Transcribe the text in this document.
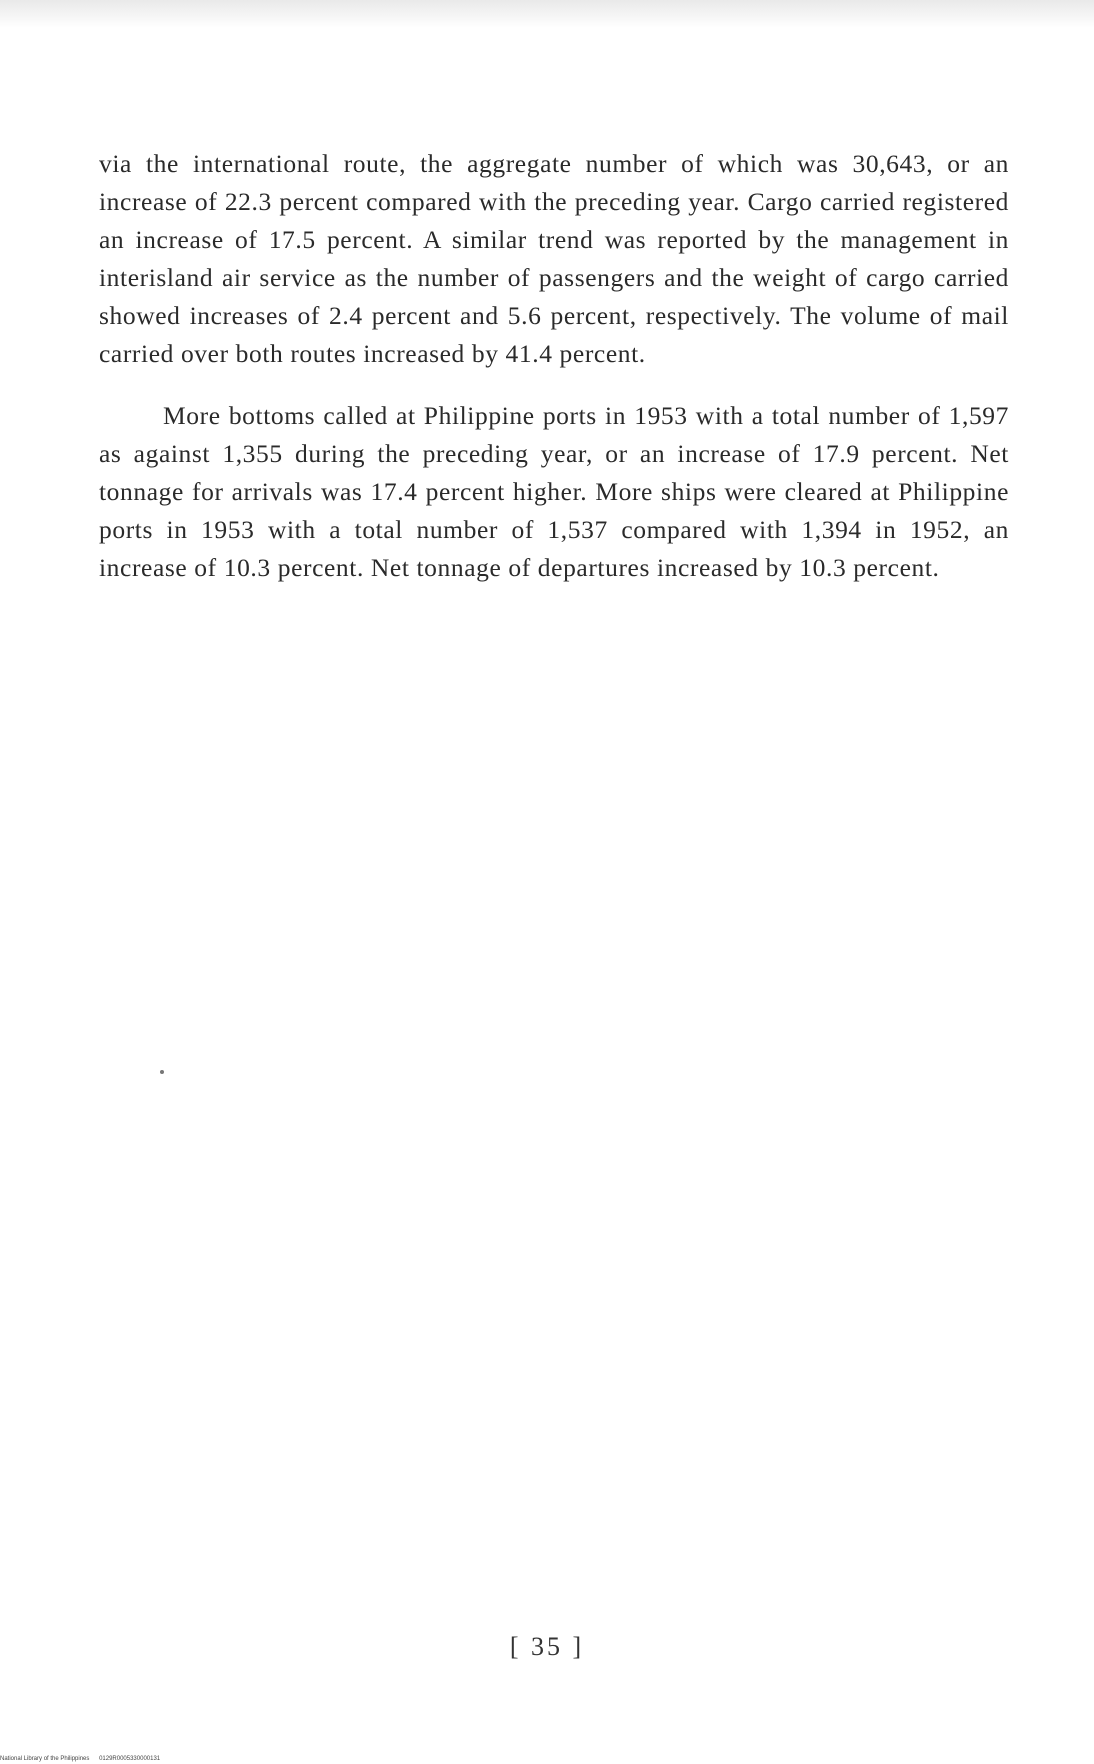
via the international route, the aggregate number of which was 30,643, or an increase of 22.3 percent compared with the preceding year. Cargo carried registered an increase of 17.5 percent. A similar trend was reported by the management in interisland air service as the number of passengers and the weight of cargo carried showed increases of 2.4 percent and 5.6 percent, respectively. The volume of mail carried over both routes increased by 41.4 percent.

More bottoms called at Philippine ports in 1953 with a total number of 1,597 as against 1,355 during the preceding year, or an increase of 17.9 percent. Net tonnage for arrivals was 17.4 percent higher. More ships were cleared at Philippine ports in 1953 with a total number of 1,537 compared with 1,394 in 1952, an increase of 10.3 percent. Net tonnage of departures increased by 10.3 percent.

[ 35 ]
National Library of the Philippines 0129R0005330000131
